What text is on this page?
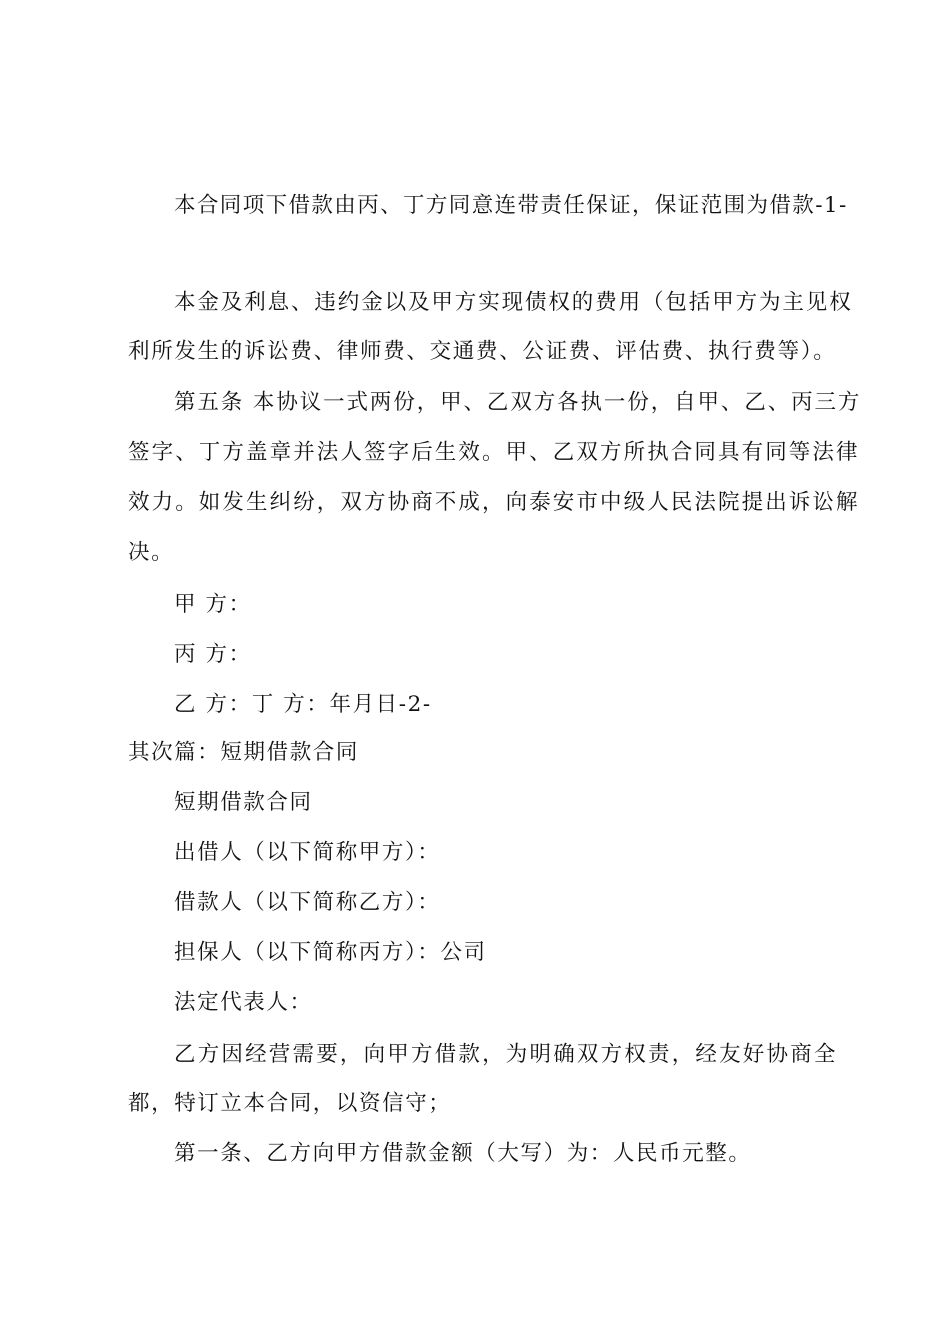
本合同项下借款由丙、丁方同意连带责任保证，保证范围为借款-1-
本金及利息、违约金以及甲方实现债权的费用（包括甲方为主见权
利所发生的诉讼费、律师费、交通费、公证费、评估费、执行费等）。
第五条 本协议一式两份，甲、乙双方各执一份，自甲、乙、丙三方
签字、丁方盖章并法人签字后生效。甲、乙双方所执合同具有同等法律
效力。如发生纠纷，双方协商不成，向泰安市中级人民法院提出诉讼解
决。
甲 方：
丙 方：
乙 方：丁 方：年月日-2-
其次篇：短期借款合同
短期借款合同
出借人（以下简称甲方）：
借款人（以下简称乙方）：
担保人（以下简称丙方）：公司
法定代表人：
乙方因经营需要，向甲方借款，为明确双方权责，经友好协商全
都，特订立本合同，以资信守；
第一条、乙方向甲方借款金额（大写）为：人民币元整。
